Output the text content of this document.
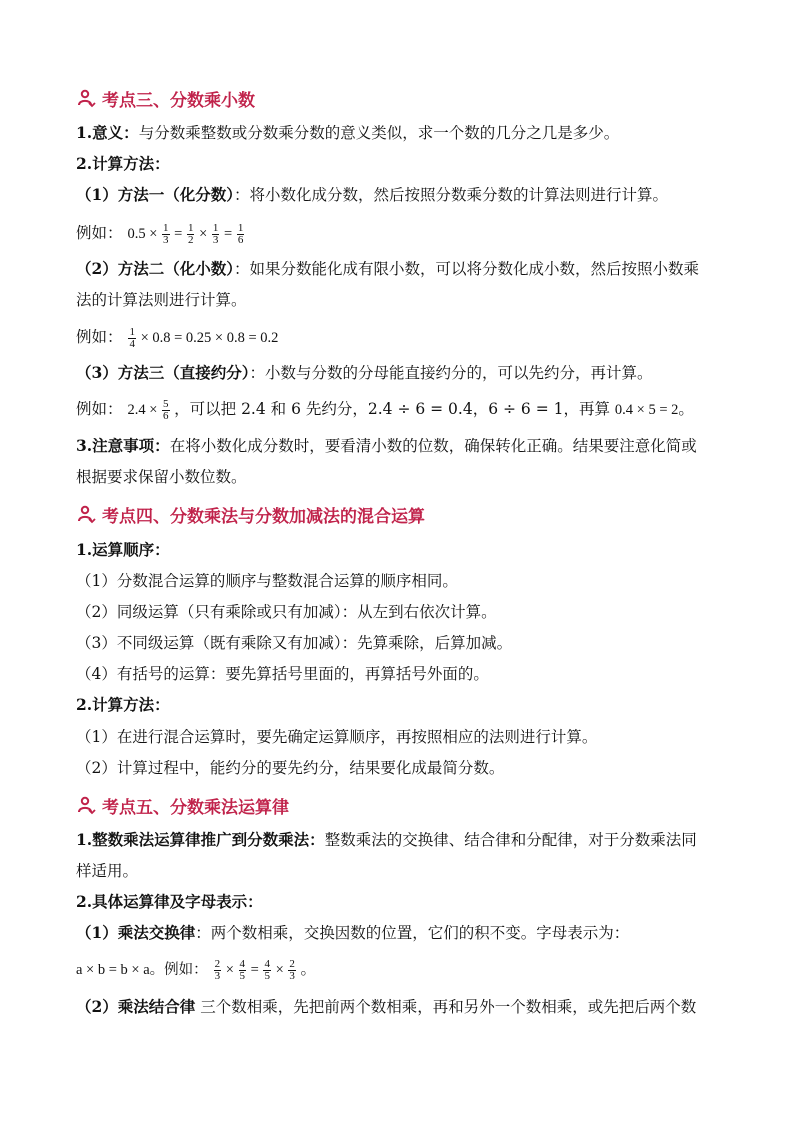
考点三、分数乘小数
1.意义：与分数乘整数或分数乘分数的意义类似，求一个数的几分之几是多少。
2.计算方法：
（1）方法一（化分数）：将小数化成分数，然后按照分数乘分数的计算法则进行计算。
例如： $0.5 \times \frac{1}{3} = \frac{1}{2} \times \frac{1}{3} = \frac{1}{6}$
（2）方法二（化小数）：如果分数能化成有限小数，可以将分数化成小数，然后按照小数乘
法的计算法则进行计算。
例如： $\frac{1}{4} \times 0.8 = 0.25 \times 0.8 = 0.2$
（3）方法三（直接约分）：小数与分数的分母能直接约分的，可以先约分，再计算。
例如： $2.4 \times \frac{5}{6}$ ，可以把 2.4 和 6 先约分，2.4 ÷ 6 = 0.4，6 ÷ 6 = 1，再算 0.4 × 5 = 2。
3.注意事项：在将小数化成分数时，要看清小数的位数，确保转化正确。结果要注意化简或
根据要求保留小数位数。
考点四、分数乘法与分数加减法的混合运算
1.运算顺序：
（1）分数混合运算的顺序与整数混合运算的顺序相同。
（2）同级运算（只有乘除或只有加减）：从左到右依次计算。
（3）不同级运算（既有乘除又有加减）：先算乘除，后算加减。
（4）有括号的运算：要先算括号里面的，再算括号外面的。
2.计算方法：
（1）在进行混合运算时，要先确定运算顺序，再按照相应的法则进行计算。
（2）计算过程中，能约分的要先约分，结果要化成最简分数。
考点五、分数乘法运算律
1.整数乘法运算律推广到分数乘法：整数乘法的交换律、结合律和分配律，对于分数乘法同
样适用。
2.具体运算律及字母表示：
（1）乘法交换律：两个数相乘，交换因数的位置，它们的积不变。字母表示为：
a × b = b × a。例如： $\frac{2}{3} \times \frac{4}{5} = \frac{4}{5} \times \frac{2}{3}$ 。
（2）乘法结合律 三个数相乘，先把前两个数相乘，再和另外一个数相乘，或先把后两个数
